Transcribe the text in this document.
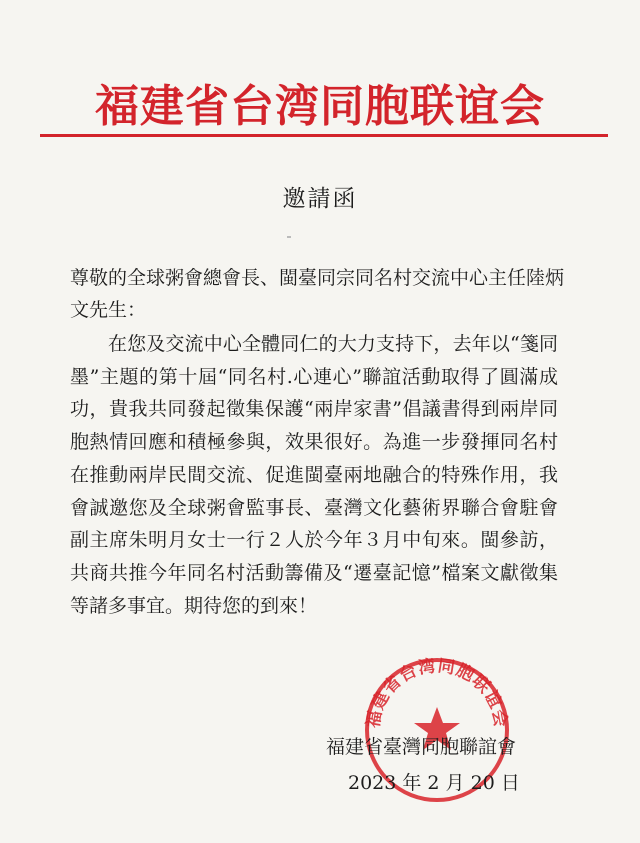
福建省台湾同胞联谊会
邀請函
尊敬的全球粥會總會長、閩臺同宗同名村交流中心主任陸炳文先生：
在您及交流中心全體同仁的大力支持下，去年以“箋同墨”主題的第十屆“同名村.心連心”聯誼活動取得了圓滿成功，貴我共同發起徵集保護“兩岸家書”倡議書得到兩岸同胞熱情回應和積極參與，效果很好。為進一步發揮同名村在推動兩岸民間交流、促進閩臺兩地融合的特殊作用，我會誠邀您及全球粥會監事長、臺灣文化藝術界聯合會駐會副主席朱明月女士一行２人於今年３月中旬來。閩參訪，共商共推今年同名村活動籌備及“遷臺記憶”檔案文獻徵集等諸多事宜。期待您的到來！
福建省台湾同胞联谊会
福建省臺灣同胞聯誼會
2023 年 2 月 20 日
